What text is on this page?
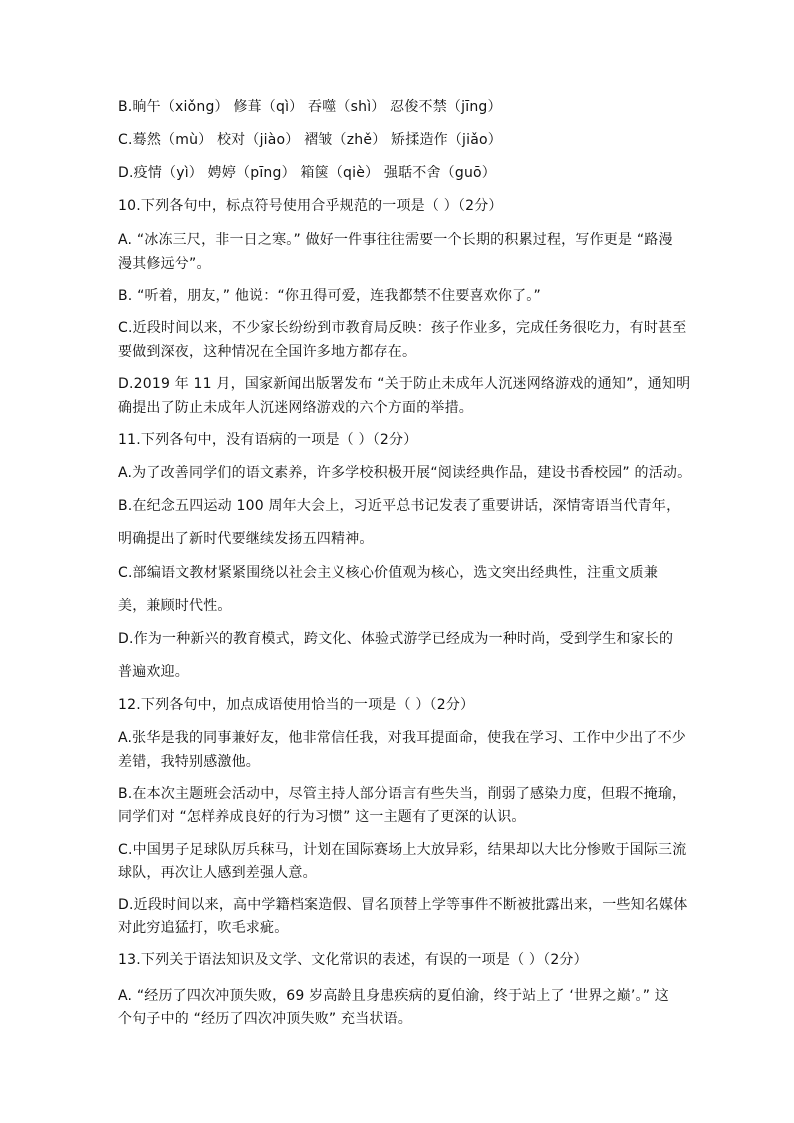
B.晌午（xiǒng） 修葺（qì） 吞噬（shì） 忍俊不禁（jīng）
C.蓦然（mù） 校对（jiào） 褶皱（zhě） 矫揉造作（jiǎo）
D.疫情（yì） 娉婷（pīng） 箱箧（qiè） 强聒不舍（guō）
10.下列各句中，标点符号使用合乎规范的一项是（ ）（2分）
A. “冰冻三尺，非一日之寒。” 做好一件事往往需要一个长期的积累过程，写作更是 “路漫
漫其修远兮”。
B. “听着，朋友，” 他说：“你丑得可爱，连我都禁不住要喜欢你了。”
C.近段时间以来，不少家长纷纷到市教育局反映：孩子作业多，完成任务很吃力，有时甚至
要做到深夜，这种情况在全国许多地方都存在。
D.2019 年 11 月，国家新闻出版署发布 “关于防止未成年人沉迷网络游戏的通知”，通知明
确提出了防止未成年人沉迷网络游戏的六个方面的举措。
11.下列各句中，没有语病的一项是（ ）（2分）
A.为了改善同学们的语文素养，许多学校积极开展“阅读经典作品，建设书香校园” 的活动。
B.在纪念五四运动 100 周年大会上，习近平总书记发表了重要讲话，深情寄语当代青年，
明确提出了新时代要继续发扬五四精神。
C.部编语文教材紧紧围绕以社会主义核心价值观为核心，选文突出经典性，注重文质兼
美，兼顾时代性。
D.作为一种新兴的教育模式，跨文化、体验式游学已经成为一种时尚，受到学生和家长的
普遍欢迎。
12.下列各句中，加点成语使用恰当的一项是（ ）（2分）
A.张华是我的同事兼好友，他非常信任我，对我耳提面命，使我在学习、工作中少出了不少
差错，我特别感激他。
B.在本次主题班会活动中，尽管主持人部分语言有些失当，削弱了感染力度，但瑕不掩瑜，
同学们对 “怎样养成良好的行为习惯” 这一主题有了更深的认识。
C.中国男子足球队厉兵秣马，计划在国际赛场上大放异彩，结果却以大比分惨败于国际三流
球队，再次让人感到差强人意。
D.近段时间以来，高中学籍档案造假、冒名顶替上学等事件不断被批露出来，一些知名媒体
对此穷追猛打，吹毛求疵。
13.下列关于语法知识及文学、文化常识的表述，有误的一项是（ ）（2分）
A. “经历了四次冲顶失败，69 岁高龄且身患疾病的夏伯渝，终于站上了 ‘世界之巅’。” 这
个句子中的 “经历了四次冲顶失败” 充当状语。
